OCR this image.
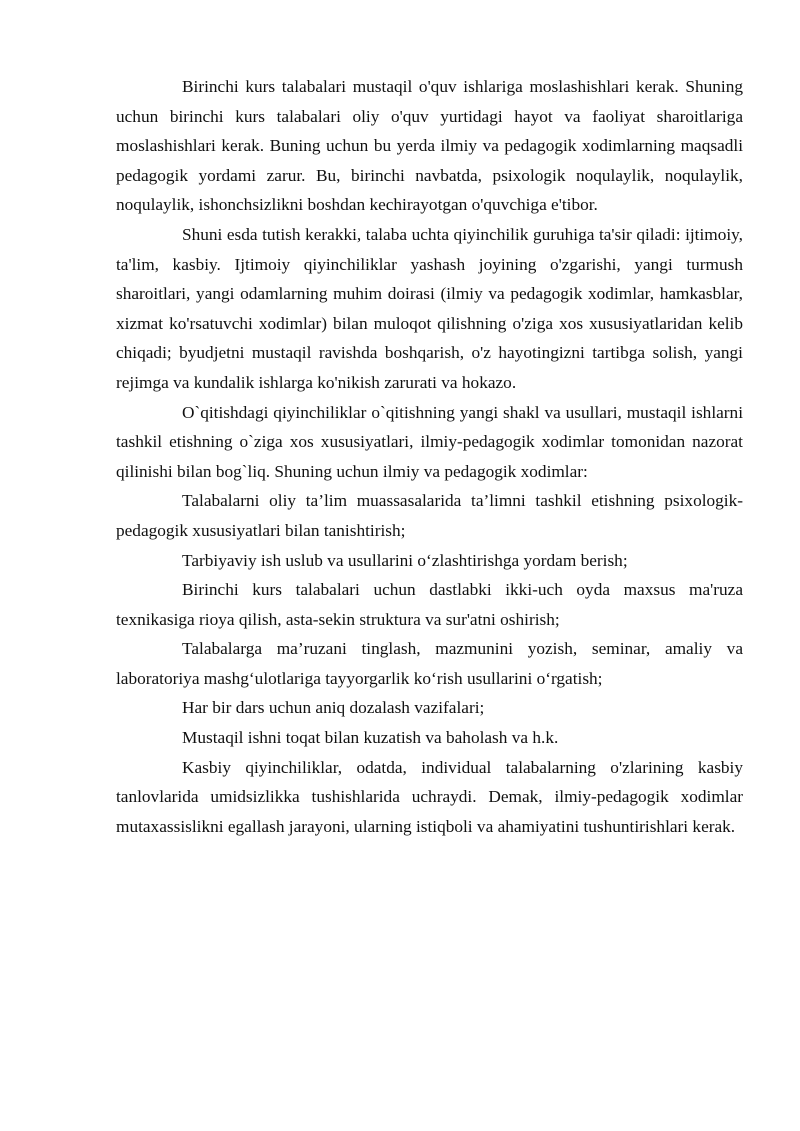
Birinchi kurs talabalari mustaqil o'quv ishlariga moslashishlari kerak. Shuning uchun birinchi kurs talabalari oliy o'quv yurtidagi hayot va faoliyat sharoitlariga moslashishlari kerak. Buning uchun bu yerda ilmiy va pedagogik xodimlarning maqsadli pedagogik yordami zarur. Bu, birinchi navbatda, psixologik noqulaylik, noqulaylik, noqulaylik, ishonchsizlikni boshdan kechirayotgan o'quvchiga e'tibor.

Shuni esda tutish kerakki, talaba uchta qiyinchilik guruhiga ta'sir qiladi: ijtimoiy, ta'lim, kasbiy. Ijtimoiy qiyinchiliklar yashash joyining o'zgarishi, yangi turmush sharoitlari, yangi odamlarning muhim doirasi (ilmiy va pedagogik xodimlar, hamkasblar, xizmat ko'rsatuvchi xodimlar) bilan muloqot qilishning o'ziga xos xususiyatlaridan kelib chiqadi; byudjetni mustaqil ravishda boshqarish, o'z hayotingizni tartibga solish, yangi rejimga va kundalik ishlarga ko'nikish zarurati va hokazo.

O`qitishdagi qiyinchiliklar o`qitishning yangi shakl va usullari, mustaqil ishlarni tashkil etishning o`ziga xos xususiyatlari, ilmiy-pedagogik xodimlar tomonidan nazorat qilinishi bilan bog`liq. Shuning uchun ilmiy va pedagogik xodimlar:

Talabalarni oliy ta’lim muassasalarida ta’limni tashkil etishning psixologik-pedagogik xususiyatlari bilan tanishtirish;

Tarbiyaviy ish uslub va usullarini o‘zlashtirishga yordam berish;

Birinchi kurs talabalari uchun dastlabki ikki-uch oyda maxsus ma'ruza texnikasiga rioya qilish, asta-sekin struktura va sur'atni oshirish;

Talabalarga ma’ruzani tinglash, mazmunini yozish, seminar, amaliy va laboratoriya mashg‘ulotlariga tayyorgarlik ko‘rish usullarini o‘rgatish;

Har bir dars uchun aniq dozalash vazifalari;

Mustaqil ishni toqat bilan kuzatish va baholash va h.k.

Kasbiy qiyinchiliklar, odatda, individual talabalarning o'zlarining kasbiy tanlovlarida umidsizlikka tushishlarida uchraydi. Demak, ilmiy-pedagogik xodimlar mutaxassislikni egallash jarayoni, ularning istiqboli va ahamiyatini tushuntirishlari kerak.
